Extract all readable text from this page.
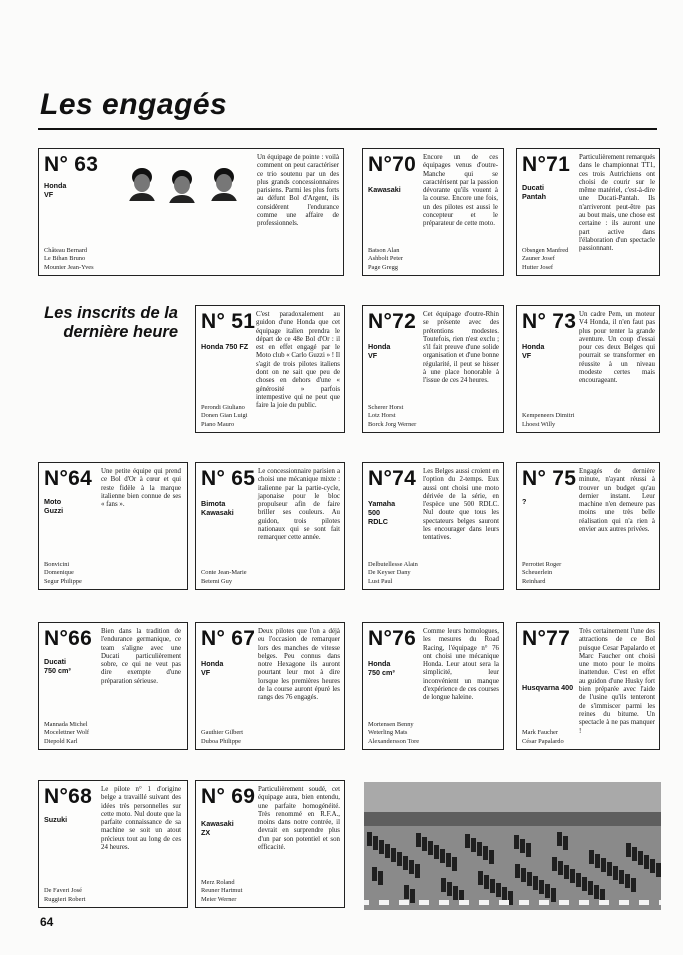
Les engagés
Les inscrits de la dernière heure
N° 63
Honda
VF
Château Bernard
Le Bihan Bruno
Mounier Jean-Yves
Un équipage de pointe : voilà comment on peut caractériser ce trio soutenu par un des plus grands concessionnaires parisiens. Parmi les plus forts au défunt Bol d'Argent, ils considèrent l'endurance comme une affaire de professionnels.
N°70
Kawasaki
Batson Alan
Ashbolt Peter
Page Gregg
Encore un de ces équipages venus d'outre-Manche qui se caractérisent par la passion dévorante qu'ils vouent à la course. Encore une fois, un des pilotes est aussi le concepteur et le préparateur de cette moto.
N°71
Ducati
Pantah
Obsngen Manfred
Zauner Josef
Hutter Josef
Particulièrement remarqués dans le championnat TT1, ces trois Autrichiens ont choisi de courir sur le même matériel, c'est-à-dire une Ducati-Pantah. Ils n'arriveront peut-être pas au bout mais, une chose est certaine : ils auront une part active dans l'élaboration d'un spectacle passionnant.
N° 51
Honda 750 FZ
Perondi Giuliano
Donen Gian Luigi
Piano Mauro
C'est paradoxalement au guidon d'une Honda que cet équipage italien prendra le départ de ce 48e Bol d'Or : il est en effet engagé par le Moto club « Carlo Guzzi » ! Il s'agit de trois pilotes italiens dont on ne sait que peu de choses en dehors d'une « générosité » parfois intempestive qui ne peut que faire la joie du public.
N°72
Honda
VF
Scherer Horst
Lotz Horst
Borck Jorg Werner
Cet équipage d'outre-Rhin se présente avec des prétentions modestes. Toutefois, rien n'est exclu ; s'il fait preuve d'une solide organisation et d'une bonne régularité, il peut se hisser à une place honorable à l'issue de ces 24 heures.
N° 73
Honda
VF
Kempeneers Dimitri
Lhoest Willy
Un cadre Pem, un moteur V4 Honda, il n'en faut pas plus pour tenter la grande aventure. Un coup d'essai pour ces deux Belges qui pourrait se transformer en réussite à un niveau modeste certes mais encourageant.
N°64
Moto
Guzzi
Bonvicini Domenique
Segur Philippe
Une petite équipe qui prend ce Bol d'Or à cœur et qui reste fidèle à la marque italienne bien connue de ses « fans ».
N° 65
Bimota
Kawasaki
Conte Jean-Marie
Betemi Guy
Le concessionnaire parisien a choisi une mécanique mixte : italienne par la partie-cycle, japonaise pour le bloc propulseur afin de faire briller ses couleurs. Au guidon, trois pilotes nationaux qui se sont fait remarquer cette année.
N°74
Yamaha
500
RDLC
Delbutellesse Alain
De Keyser Dany
Lust Paul
Les Belges aussi croient en l'option du 2-temps. Eux aussi ont choisi une moto dérivée de la série, en l'espèce une 500 RDLC. Nul doute que tous les spectateurs belges sauront les encourager dans leurs tentatives.
N° 75
?
Perrottet Roger
Scheuerlein Reinhard
Engagés de dernière minute, n'ayant réussi à trouver un budget qu'au dernier instant. Leur machine n'en demeure pas moins une très belle réalisation qui n'a rien à envier aux autres privées.
N°66
Ducati
750 cm³
Mannada Michel
Mocelettner Wolf
Diepold Karl
Bien dans la tradition de l'endurance germanique, ce team s'aligne avec une Ducati particulièrement sobre, ce qui ne veut pas dire exempte d'une préparation sérieuse.
N° 67
Honda
VF
Gauthier Gilbert
Duboa Philippe
Deux pilotes que l'on a déjà eu l'occasion de remarquer lors des manches de vitesse belges. Peu connus dans notre Hexagone ils auront pourtant leur mot à dire lorsque les premières heures de la course auront épuré les rangs des 76 engagés.
N°76
Honda
750 cm³
Mortensen Benny
Weterling Mats
Alexandersson Tore
Comme leurs homologues, les mesures du Road Racing, l'équipage n° 76 ont choisi une mécanique Honda. Leur atout sera la simplicité, leur inconvénient un manque d'expérience de ces courses de longue haleine.
N°77
Husqvarna 400
Mark Faucher
César Papalardo
Très certainement l'une des attractions de ce Bol puisque Cesar Papalardo et Marc Faucher ont choisi une moto pour le moins inattendue. C'est en effet au guidon d'une Husky fort bien préparée avec l'aide de l'usine qu'ils tenteront de s'immiscer parmi les reines du bitume. Un spectacle à ne pas manquer !
N°68
Suzuki
De Faveri José
Ruggieri Robert
Le pilote n° 1 d'origine belge a travaillé suivant des idées très personnelles sur cette moto. Nul doute que la parfaite connaissance de sa machine se soit un atout précieux tout au long de ces 24 heures.
N° 69
Kawasaki
ZX
Merz Roland
Reuner Hartmut
Meier Werner
Particulièrement soudé, cet équipage aura, bien entendu, une parfaite homogénéité. Très renommé en R.F.A., moins dans notre contrée, il devrait en surprendre plus d'un par son potentiel et son efficacité.
64
